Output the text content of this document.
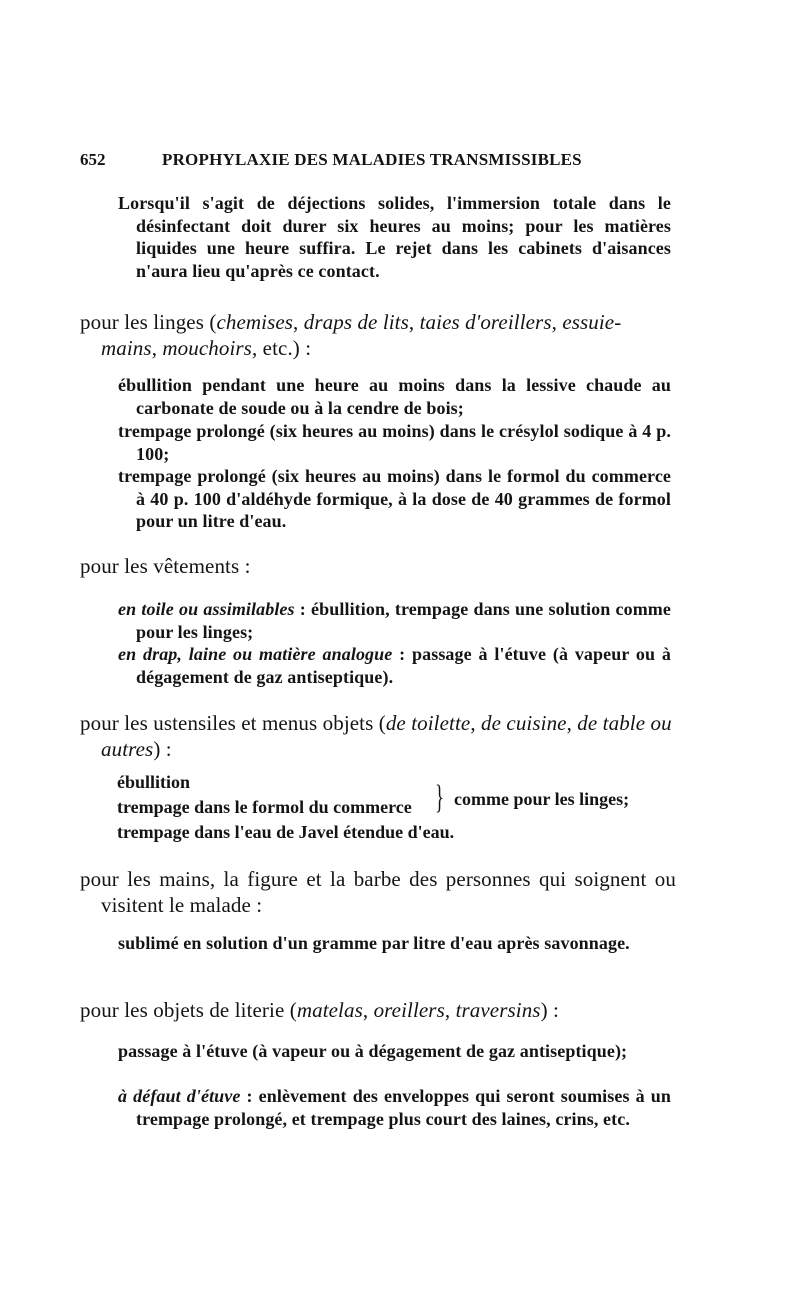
652	PROPHYLAXIE DES MALADIES TRANSMISSIBLES

Lorsqu'il s'agit de déjections solides, l'immersion totale dans le désinfectant doit durer six heures au moins; pour les matières liquides une heure suffira. Le rejet dans les cabinets d'aisances n'aura lieu qu'après ce contact.

pour les linges (chemises, draps de lits, taies d'oreillers, essuie-mains, mouchoirs, etc.) :

ébullition pendant une heure au moins dans la lessive chaude au carbonate de soude ou à la cendre de bois;

trempage prolongé (six heures au moins) dans le crésylol sodique à 4 p. 100;

trempage prolongé (six heures au moins) dans le formol du commerce à 40 p. 100 d'aldéhyde formique, à la dose de 40 grammes de formol pour un litre d'eau.

pour les vêtements :

en toile ou assimilables : ébullition, trempage dans une solution comme pour les linges;

en drap, laine ou matière analogue : passage à l'étuve (à vapeur ou à dégagement de gaz antiseptique).

pour les ustensiles et menus objets (de toilette, de cuisine, de table ou autres) :

ébullition
trempage dans le formol du commerce } comme pour les linges;
trempage dans l'eau de Javel étendue d'eau.

pour les mains, la figure et la barbe des personnes qui soignent ou visitent le malade :

sublimé en solution d'un gramme par litre d'eau après savonnage.

pour les objets de literie (matelas, oreillers, traversins) :

passage à l'étuve (à vapeur ou à dégagement de gaz antiseptique);

à défaut d'étuve : enlèvement des enveloppes qui seront soumises à un trempage prolongé, et trempage plus court des laines, crins, etc.
